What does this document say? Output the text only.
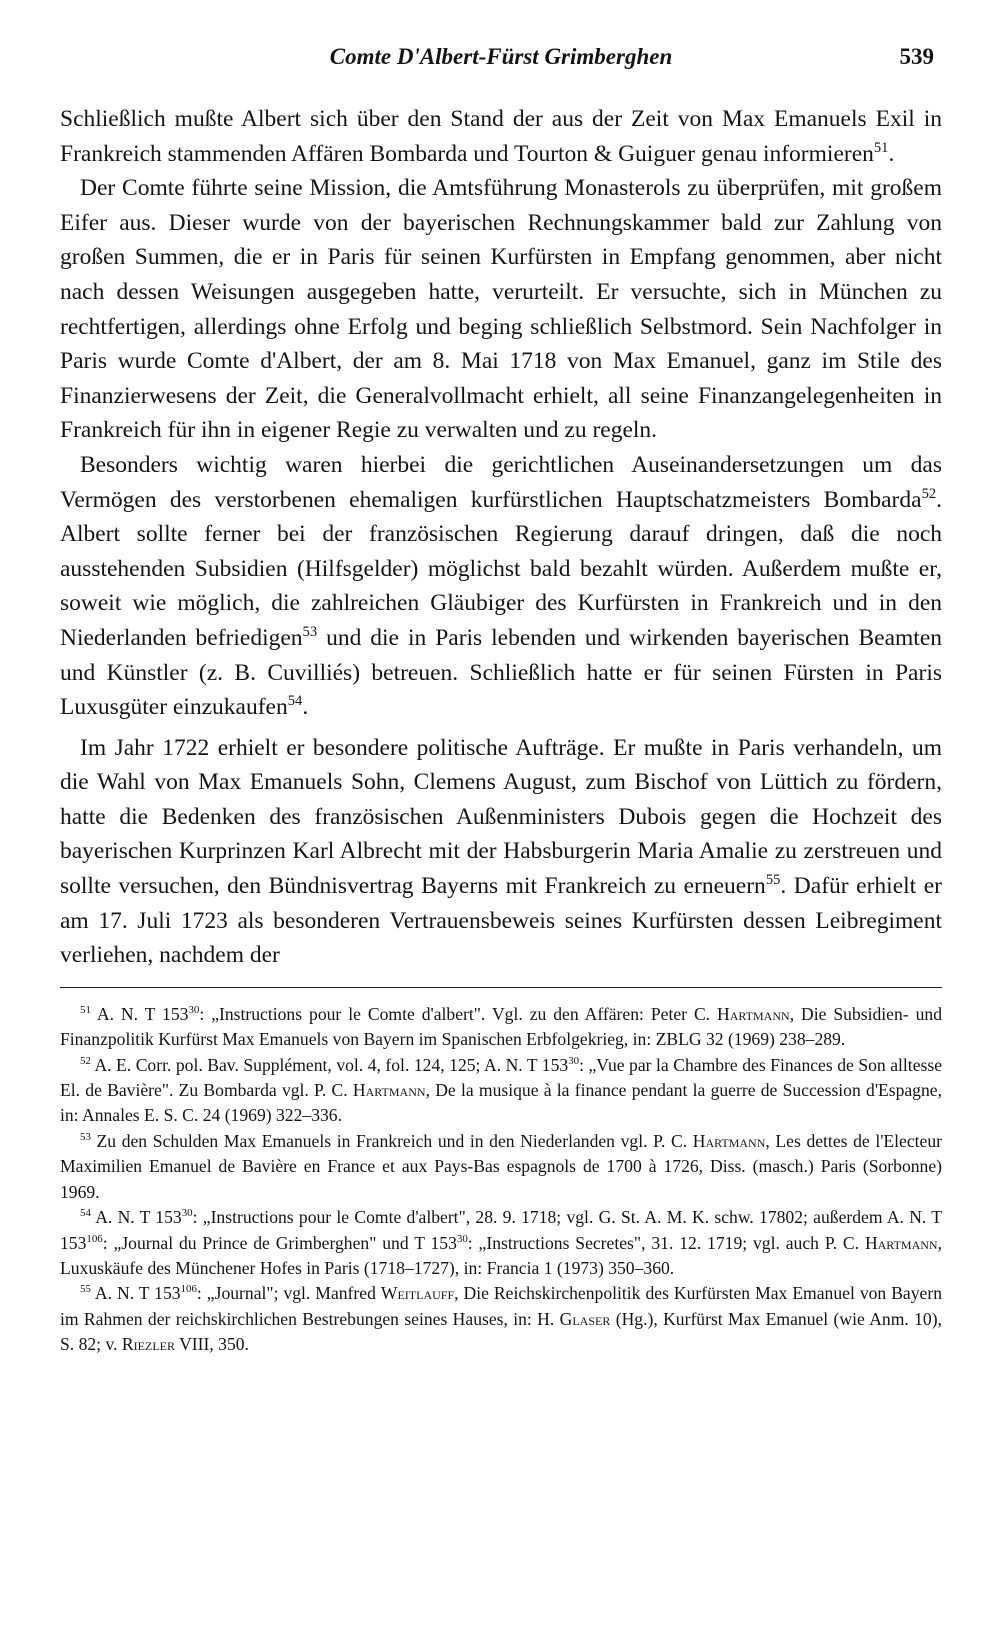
Comte D'Albert-Fürst Grimberghen	539

Schließlich mußte Albert sich über den Stand der aus der Zeit von Max Emanuels Exil in Frankreich stammenden Affären Bombarda und Tourton & Guiguer genau informieren$^{51}$.

Der Comte führte seine Mission, die Amtsführung Monasterols zu überprüfen, mit großem Eifer aus. Dieser wurde von der bayerischen Rechnungskammer bald zur Zahlung von großen Summen, die er in Paris für seinen Kurfürsten in Empfang genommen, aber nicht nach dessen Weisungen ausgegeben hatte, verurteilt. Er versuchte, sich in München zu rechtfertigen, allerdings ohne Erfolg und beging schließlich Selbstmord. Sein Nachfolger in Paris wurde Comte d'Albert, der am 8. Mai 1718 von Max Emanuel, ganz im Stile des Finanzierwesens der Zeit, die Generalvollmacht erhielt, all seine Finanzangelegenheiten in Frankreich für ihn in eigener Regie zu verwalten und zu regeln.

Besonders wichtig waren hierbei die gerichtlichen Auseinandersetzungen um das Vermögen des verstorbenen ehemaligen kurfürstlichen Hauptschatzmeisters Bombarda$^{52}$. Albert sollte ferner bei der französischen Regierung darauf dringen, daß die noch ausstehenden Subsidien (Hilfsgelder) möglichst bald bezahlt würden. Außerdem mußte er, soweit wie möglich, die zahlreichen Gläubiger des Kurfürsten in Frankreich und in den Niederlanden befriedigen$^{53}$ und die in Paris lebenden und wirkenden bayerischen Beamten und Künstler (z. B. Cuvilliés) betreuen. Schließlich hatte er für seinen Fürsten in Paris Luxusgüter einzukaufen$^{54}$.

Im Jahr 1722 erhielt er besondere politische Aufträge. Er mußte in Paris verhandeln, um die Wahl von Max Emanuels Sohn, Clemens August, zum Bischof von Lüttich zu fördern, hatte die Bedenken des französischen Außenministers Dubois gegen die Hochzeit des bayerischen Kurprinzen Karl Albrecht mit der Habsburgerin Maria Amalie zu zerstreuen und sollte versuchen, den Bündnisvertrag Bayerns mit Frankreich zu erneuern$^{55}$. Dafür erhielt er am 17. Juli 1723 als besonderen Vertrauensbeweis seines Kurfürsten dessen Leibregiment verliehen, nachdem der

$^{51}$ A. N. T $153^{30}$: „Instructions pour le Comte d'albert". Vgl. zu den Affären: Peter C. Hartmann, Die Subsidien- und Finanzpolitik Kurfürst Max Emanuels von Bayern im Spanischen Erbfolgekrieg, in: ZBLG 32 (1969) 238–289.

$^{52}$ A. E. Corr. pol. Bav. Supplément, vol. 4, fol. 124, 125; A. N. T $153^{30}$: „Vue par la Chambre des Finances de Son alltesse El. de Bavière". Zu Bombarda vgl. P. C. Hartmann, De la musique à la finance pendant la guerre de Succession d'Espagne, in: Annales E. S. C. 24 (1969) 322–336.

$^{53}$ Zu den Schulden Max Emanuels in Frankreich und in den Niederlanden vgl. P. C. Hartmann, Les dettes de l'Electeur Maximilien Emanuel de Bavière en France et aux Pays-Bas espagnols de 1700 à 1726, Diss. (masch.) Paris (Sorbonne) 1969.

$^{54}$ A. N. T $153^{30}$: „Instructions pour le Comte d'albert", 28. 9. 1718; vgl. G. St. A. M. K. schw. 17802; außerdem A. N. T $153^{106}$: „Journal du Prince de Grimberghen" und T $153^{30}$: „Instructions Secretes", 31. 12. 1719; vgl. auch P. C. Hartmann, Luxuskäufe des Münchener Hofes in Paris (1718–1727), in: Francia 1 (1973) 350–360.

$^{55}$ A. N. T $153^{106}$: „Journal"; vgl. Manfred Weitlauff, Die Reichskirchenpolitik des Kurfürsten Max Emanuel von Bayern im Rahmen der reichskirchlichen Bestrebungen seines Hauses, in: H. Glaser (Hg.), Kurfürst Max Emanuel (wie Anm. 10), S. 82; v. Riezler VIII, 350.
